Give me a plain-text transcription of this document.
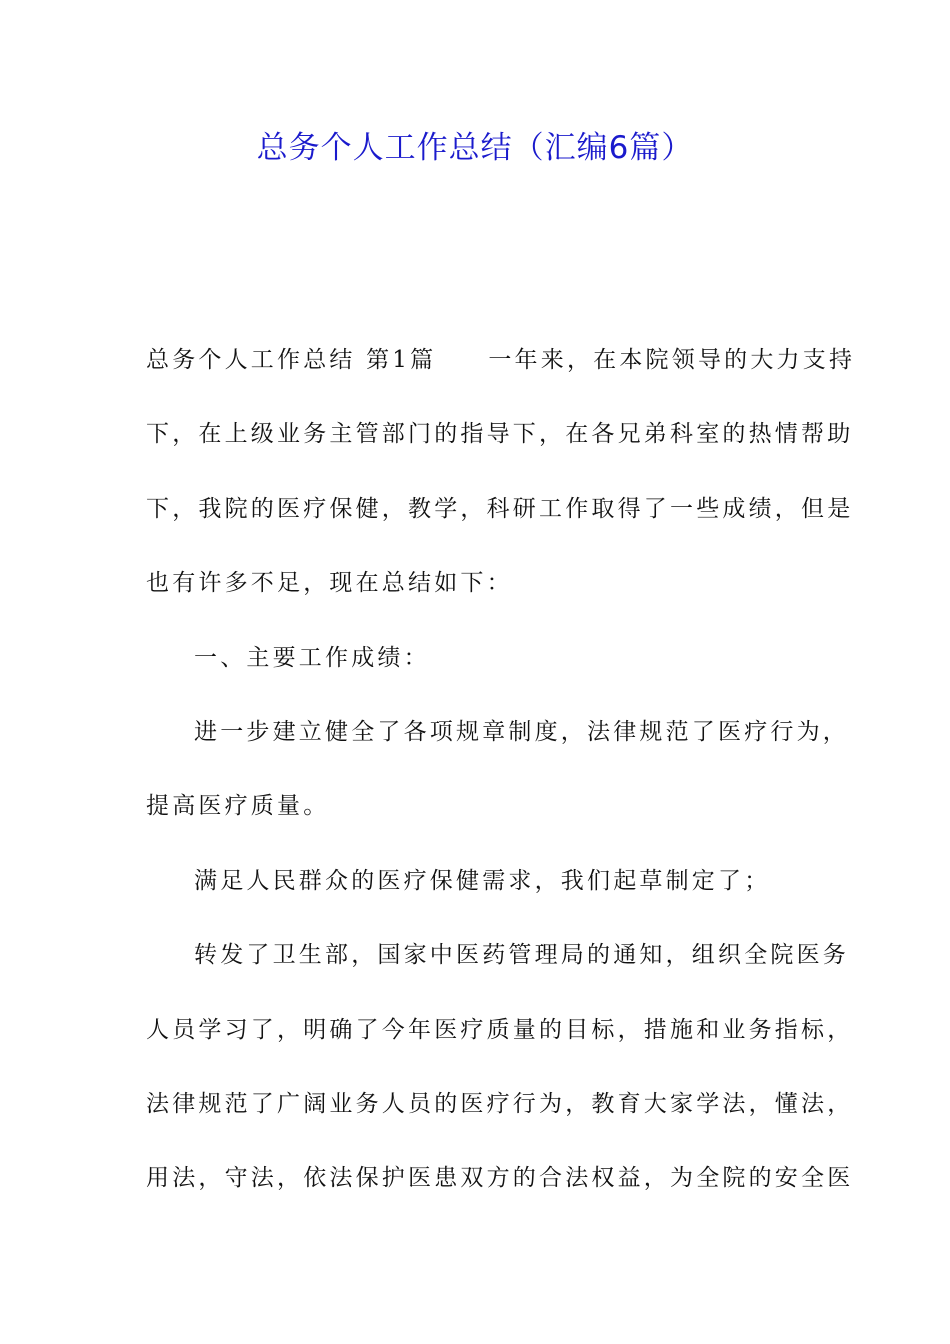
总务个人工作总结（汇编6篇）
总务个人工作总结 第1篇 一年来，在本院领导的大力支持
下，在上级业务主管部门的指导下，在各兄弟科室的热情帮助
下，我院的医疗保健，教学，科研工作取得了一些成绩，但是
也有许多不足，现在总结如下：
一、主要工作成绩：
进一步建立健全了各项规章制度，法律规范了医疗行为，
提高医疗质量。
满足人民群众的医疗保健需求，我们起草制定了；
转发了卫生部，国家中医药管理局的通知，组织全院医务
人员学习了，明确了今年医疗质量的目标，措施和业务指标，
法律规范了广阔业务人员的医疗行为，教育大家学法，懂法，
用法，守法，依法保护医患双方的合法权益，为全院的安全医
